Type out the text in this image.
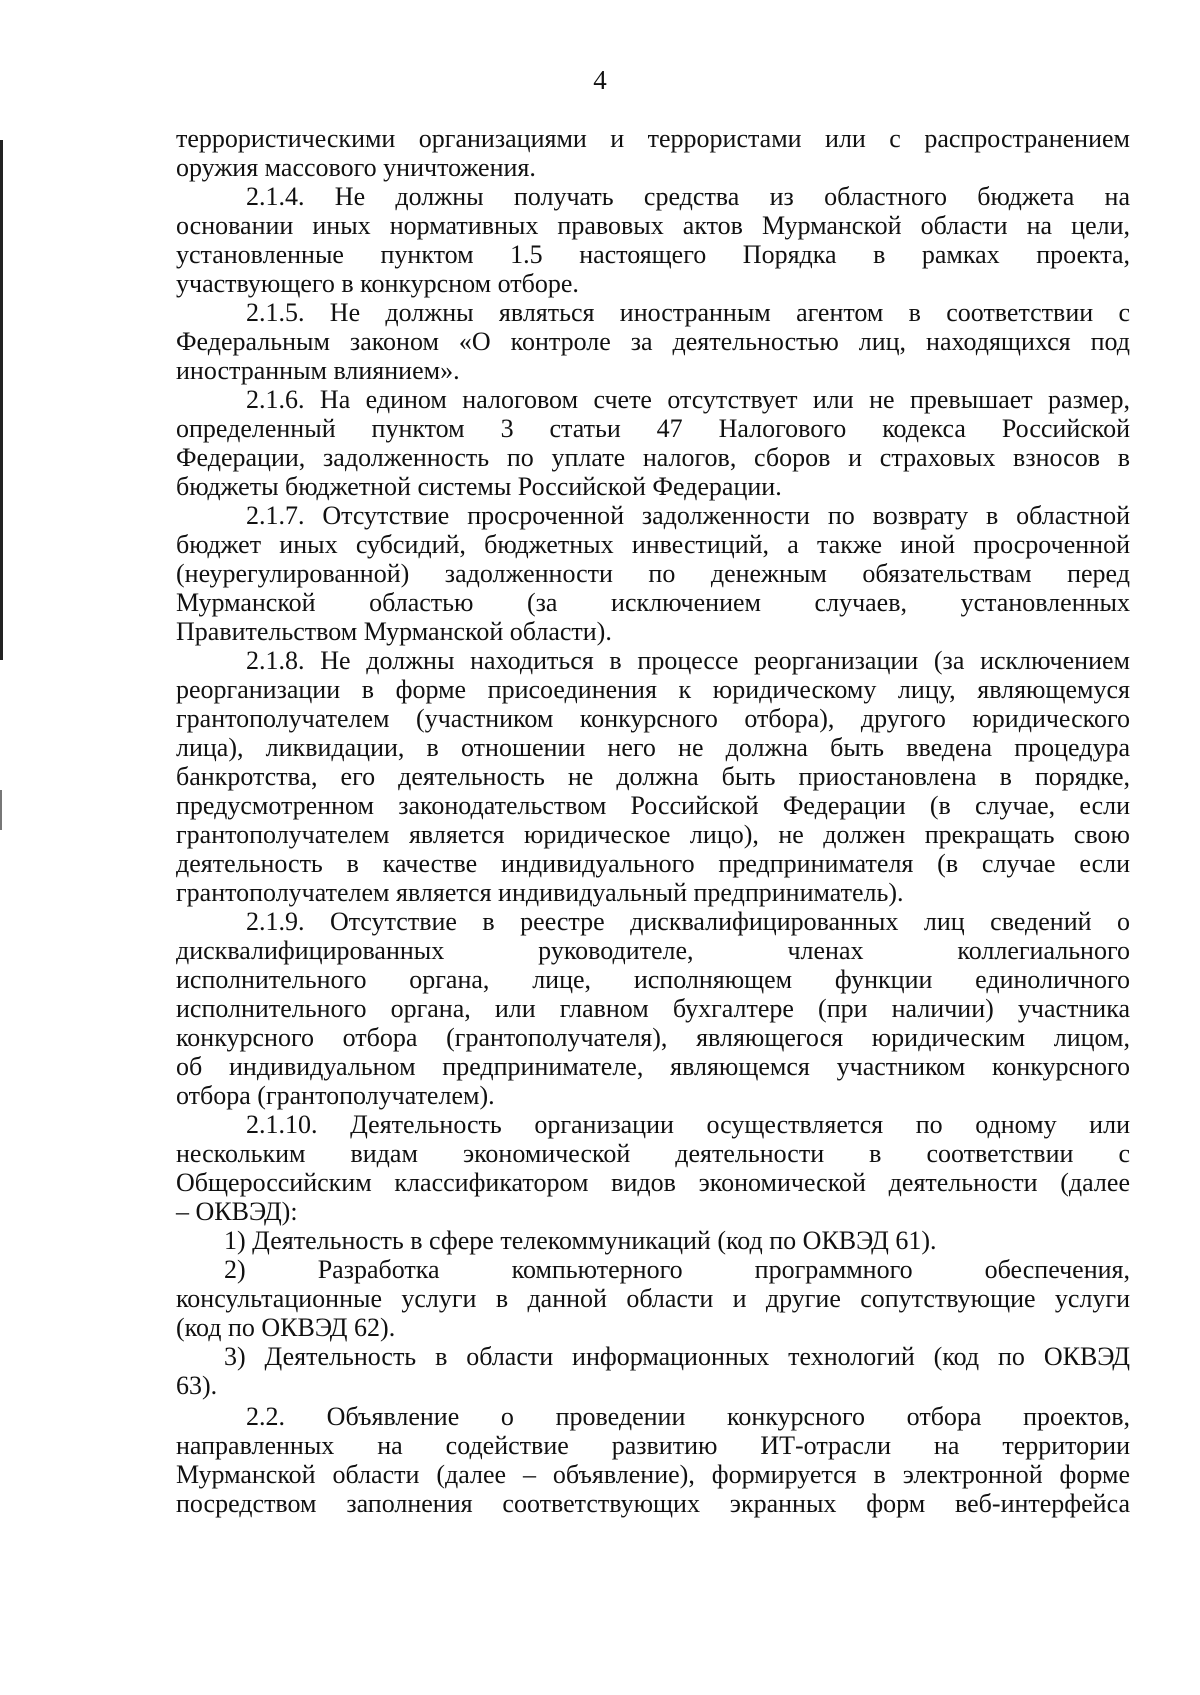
4
террористическими организациями и террористами или с распространением
оружия массового уничтожения.
2.1.4. Не должны получать средства из областного бюджета на
основании иных нормативных правовых актов Мурманской области на цели,
установленные пунктом 1.5 настоящего Порядка в рамках проекта,
участвующего в конкурсном отборе.
2.1.5. Не должны являться иностранным агентом в соответствии с
Федеральным законом «О контроле за деятельностью лиц, находящихся под
иностранным влиянием».
2.1.6. На едином налоговом счете отсутствует или не превышает размер,
определенный пунктом 3 статьи 47 Налогового кодекса Российской
Федерации, задолженность по уплате налогов, сборов и страховых взносов в
бюджеты бюджетной системы Российской Федерации.
2.1.7. Отсутствие просроченной задолженности по возврату в областной
бюджет иных субсидий, бюджетных инвестиций, а также иной просроченной
(неурегулированной) задолженности по денежным обязательствам перед
Мурманской областью (за исключением случаев, установленных
Правительством Мурманской области).
2.1.8. Не должны находиться в процессе реорганизации (за исключением
реорганизации в форме присоединения к юридическому лицу, являющемуся
грантополучателем (участником конкурсного отбора), другого юридического
лица), ликвидации, в отношении него не должна быть введена процедура
банкротства, его деятельность не должна быть приостановлена в порядке,
предусмотренном законодательством Российской Федерации (в случае, если
грантополучателем является юридическое лицо), не должен прекращать свою
деятельность в качестве индивидуального предпринимателя (в случае если
грантополучателем является индивидуальный предприниматель).
2.1.9. Отсутствие в реестре дисквалифицированных лиц сведений о
дисквалифицированных руководителе, членах коллегиального
исполнительного органа, лице, исполняющем функции единоличного
исполнительного органа, или главном бухгалтере (при наличии) участника
конкурсного отбора (грантополучателя), являющегося юридическим лицом,
об индивидуальном предпринимателе, являющемся участником конкурсного
отбора (грантополучателем).
2.1.10. Деятельность организации осуществляется по одному или
нескольким видам экономической деятельности в соответствии с
Общероссийским классификатором видов экономической деятельности (далее
– ОКВЭД):
1) Деятельность в сфере телекоммуникаций (код по ОКВЭД 61).
2) Разработка компьютерного программного обеспечения,
консультационные услуги в данной области и другие сопутствующие услуги
(код по ОКВЭД 62).
3) Деятельность в области информационных технологий (код по ОКВЭД
63).
2.2. Объявление о проведении конкурсного отбора проектов,
направленных на содействие развитию ИТ-отрасли на территории
Мурманской области (далее – объявление), формируется в электронной форме
посредством заполнения соответствующих экранных форм веб-интерфейса
